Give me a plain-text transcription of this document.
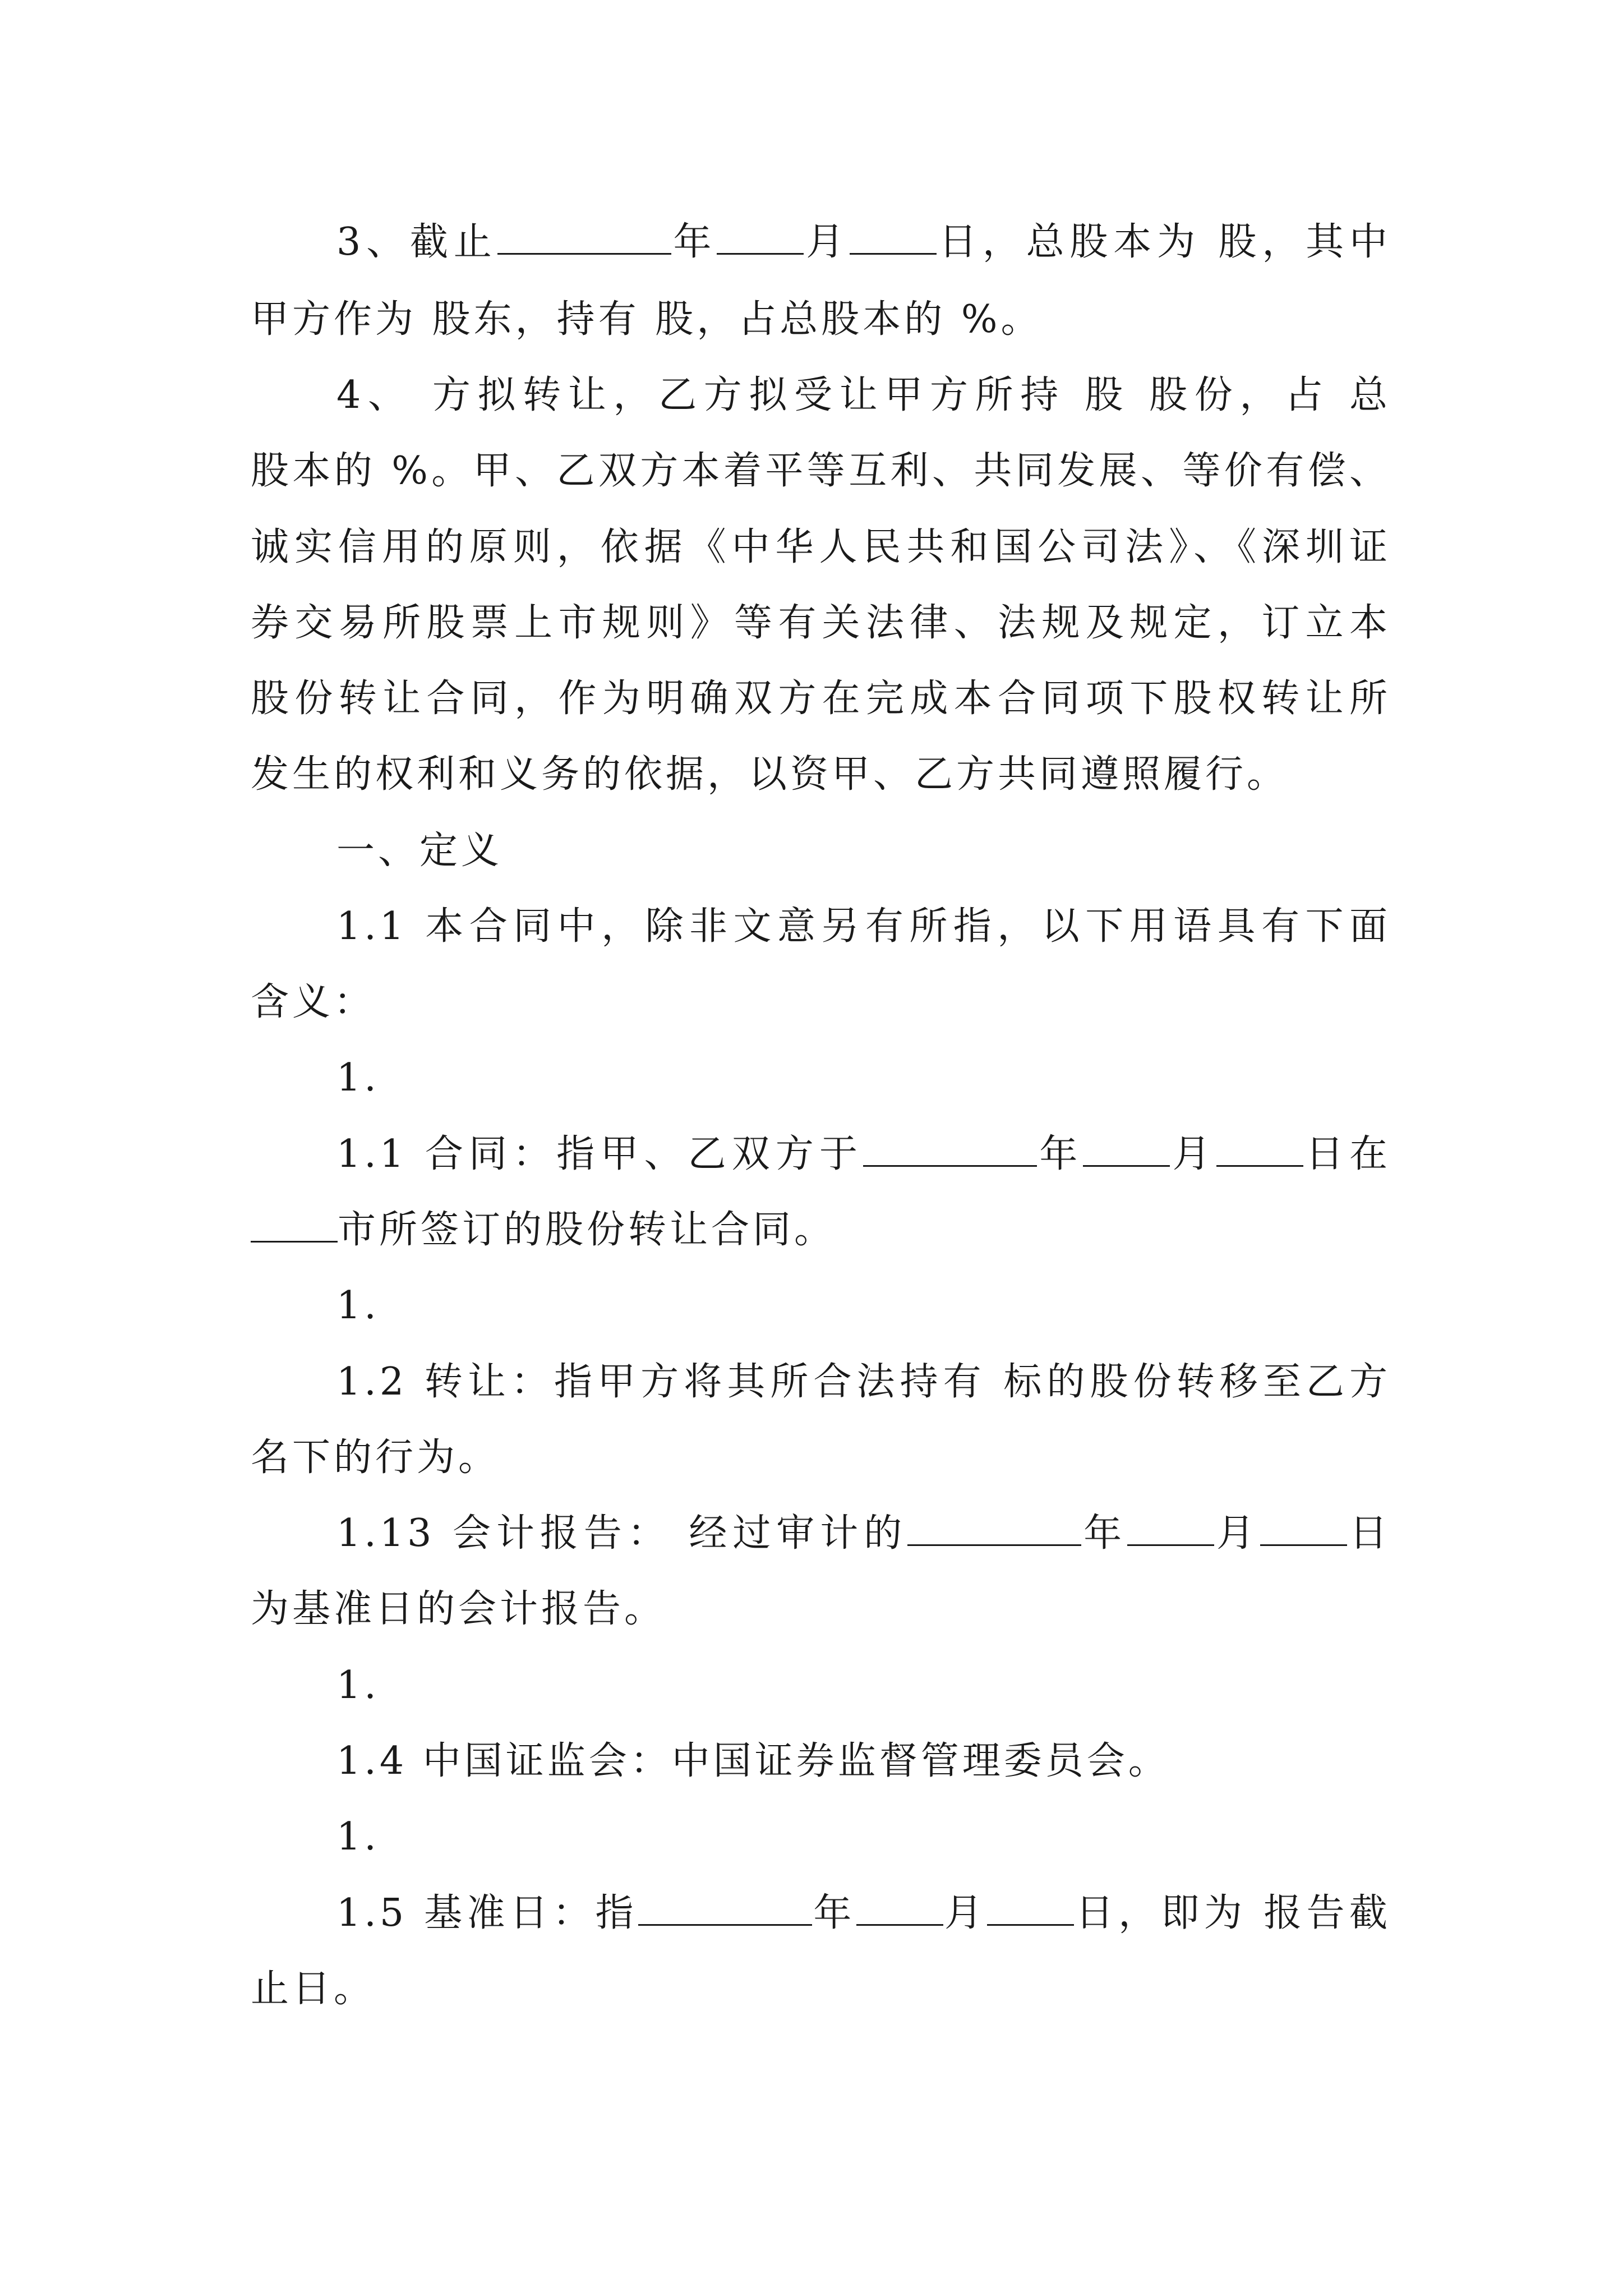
3、截止	年 月 日，总股本为 股，其中
甲方作为 股东，持有 股，占总股本的 %。
4、 方拟转让，乙方拟受让甲方所持 股 股份，占 总
股本的 %。甲、乙双方本着平等互利、共同发展、等价有偿、
诚实信用的原则，依据《中华人民共和国公司法》、《深圳证
券交易所股票上市规则》等有关法律、法规及规定，订立本
股份转让合同，作为明确双方在完成本合同项下股权转让所
发生的权利和义务的依据，以资甲、乙方共同遵照履行。
一、定义
1.1 本合同中，除非文意另有所指，以下用语具有下面
含义：
1.
1.1 合同：指甲、乙双方于	年 月 日在
市所签订的股份转让合同。
1.
1.2 转让：指甲方将其所合法持有 标的股份转移至乙方
名下的行为。
1.13 会计报告： 经过审计的	年 月 日
为基准日的会计报告。
1.
1.4 中国证监会：中国证券监督管理委员会。
1.
1.5 基准日：指	年 月 日，即为 报告截
止日。
